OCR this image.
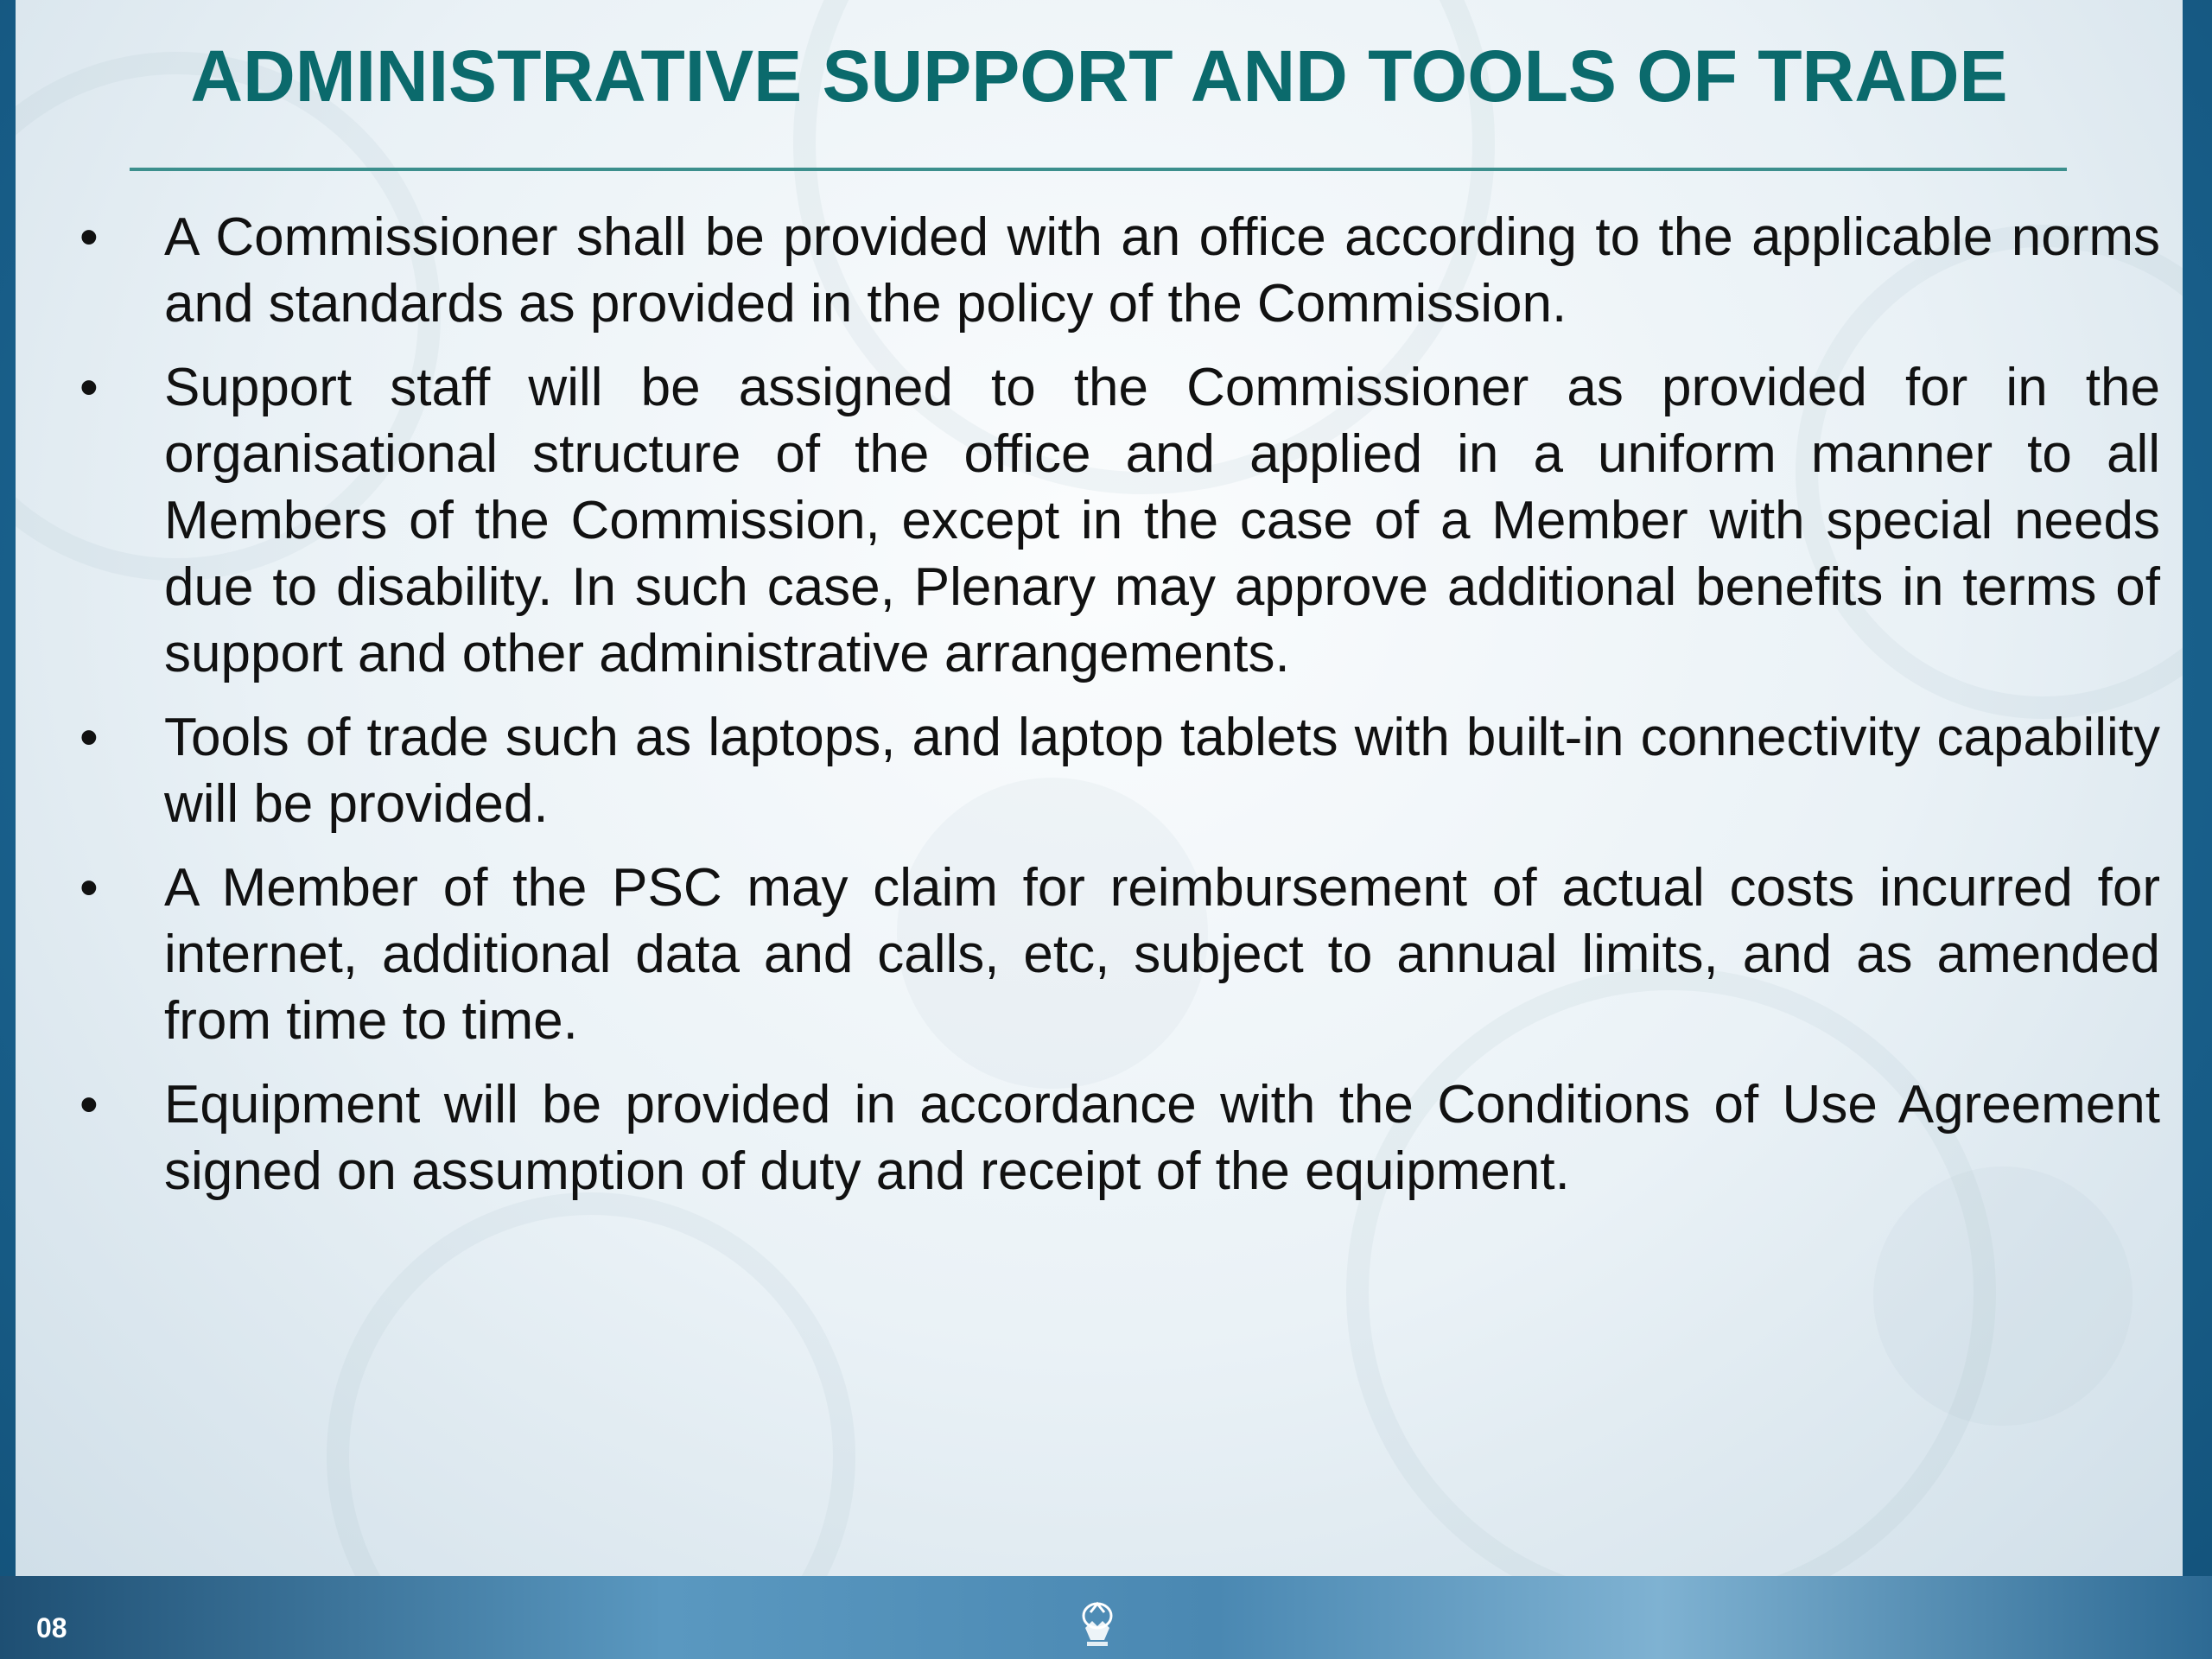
ADMINISTRATIVE SUPPORT AND TOOLS OF TRADE
•	A Commissioner shall be provided with an office according to the applicable norms and standards as provided in the policy of the Commission.
•	Support staff will be assigned to the Commissioner as provided for in the organisational structure of the office and applied in a uniform manner to all Members of the Commission, except in the case of a Member with special needs due to disability. In such case, Plenary may approve additional benefits in terms of support and other administrative arrangements.
•	Tools of trade such as laptops, and laptop tablets with built-in connectivity capability will be provided.
•	A Member of the PSC may claim for reimbursement of actual costs incurred for internet, additional data and calls, etc, subject to annual limits, and as amended from time to time.
•	Equipment will be provided in accordance with the Conditions of Use Agreement signed on assumption of duty and receipt of the equipment.
08
